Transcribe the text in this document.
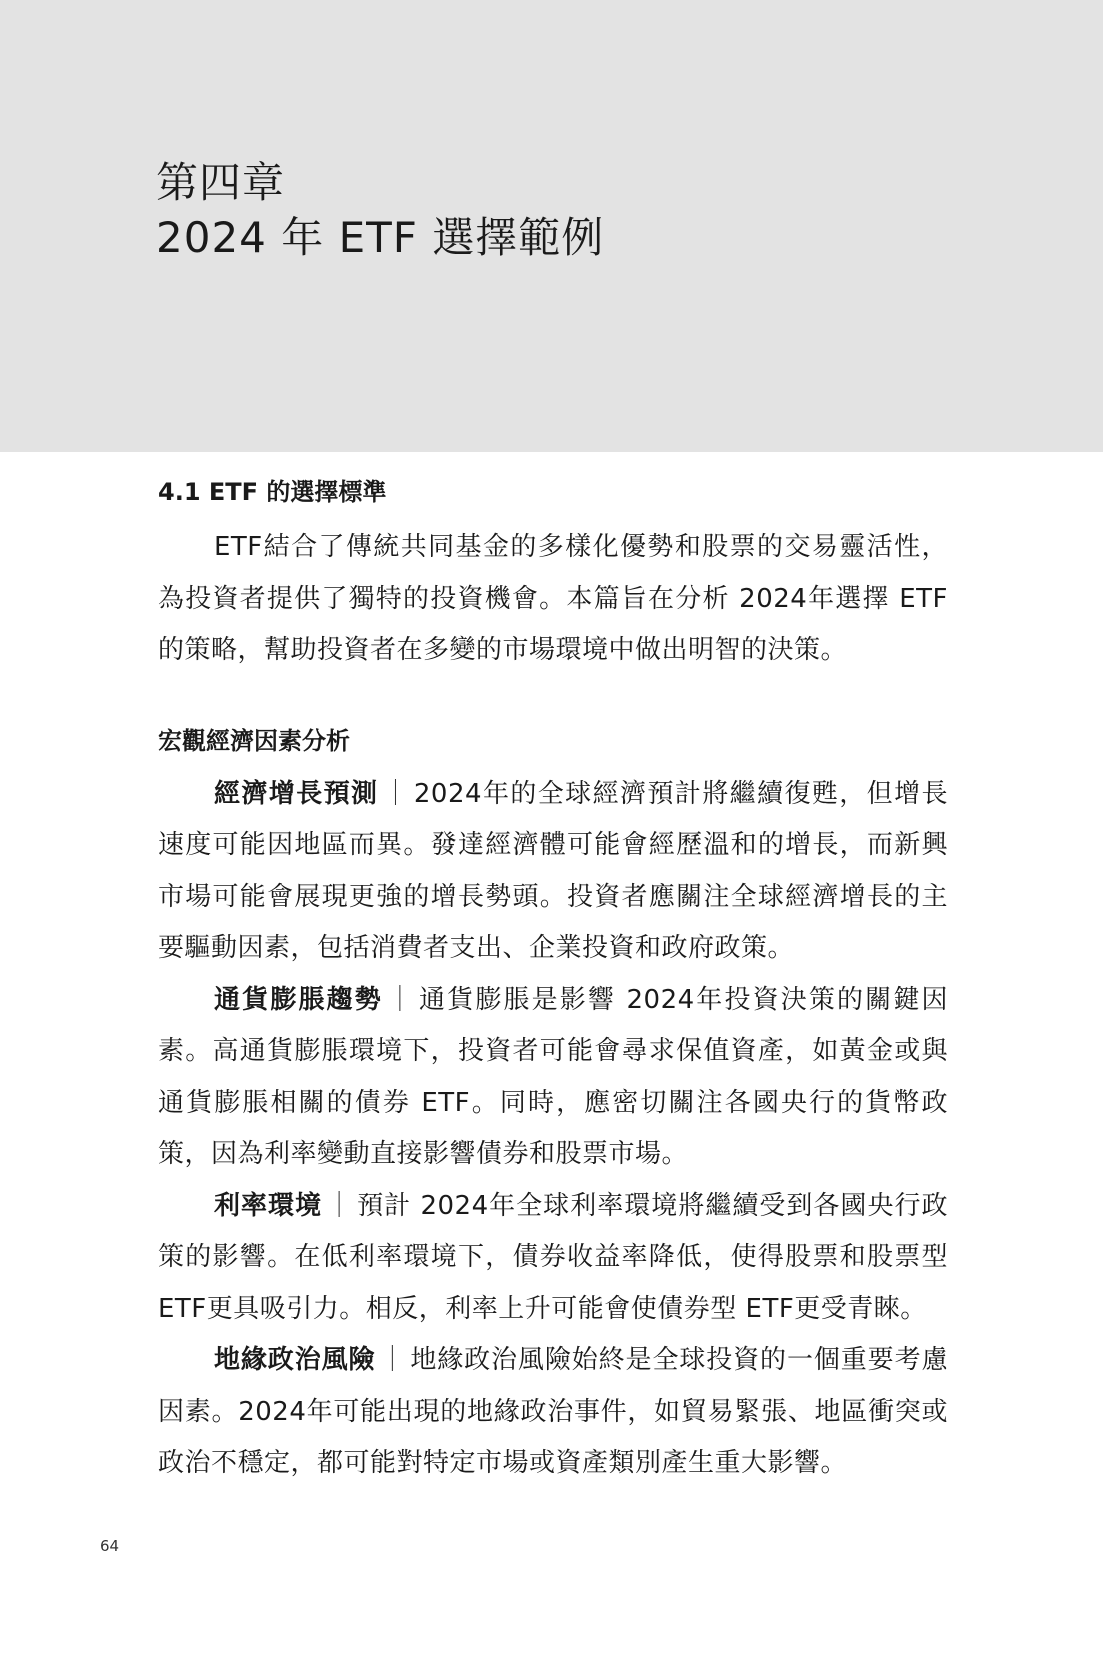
第四章
2024 年 ETF 選擇範例
4.1 ETF 的選擇標準

ETF結合了傳統共同基金的多樣化優勢和股票的交易靈活性，為投資者提供了獨特的投資機會。本篇旨在分析 2024年選擇 ETF的策略，幫助投資者在多變的市場環境中做出明智的決策。

宏觀經濟因素分析

經濟增長預測 ｜ 2024年的全球經濟預計將繼續復甦，但增長速度可能因地區而異。發達經濟體可能會經歷溫和的增長，而新興市場可能會展現更強的增長勢頭。投資者應關注全球經濟增長的主要驅動因素，包括消費者支出、企業投資和政府政策。

通貨膨脹趨勢 ｜ 通貨膨脹是影響 2024年投資決策的關鍵因素。高通貨膨脹環境下，投資者可能會尋求保值資產，如黃金或與通貨膨脹相關的債券 ETF。同時，應密切關注各國央行的貨幣政策，因為利率變動直接影響債券和股票市場。

利率環境 ｜ 預計 2024年全球利率環境將繼續受到各國央行政策的影響。在低利率環境下，債券收益率降低，使得股票和股票型ETF更具吸引力。相反，利率上升可能會使債券型 ETF更受青睞。

地緣政治風險 ｜ 地緣政治風險始終是全球投資的一個重要考慮因素。2024年可能出現的地緣政治事件，如貿易緊張、地區衝突或政治不穩定，都可能對特定市場或資產類別產生重大影響。

64
